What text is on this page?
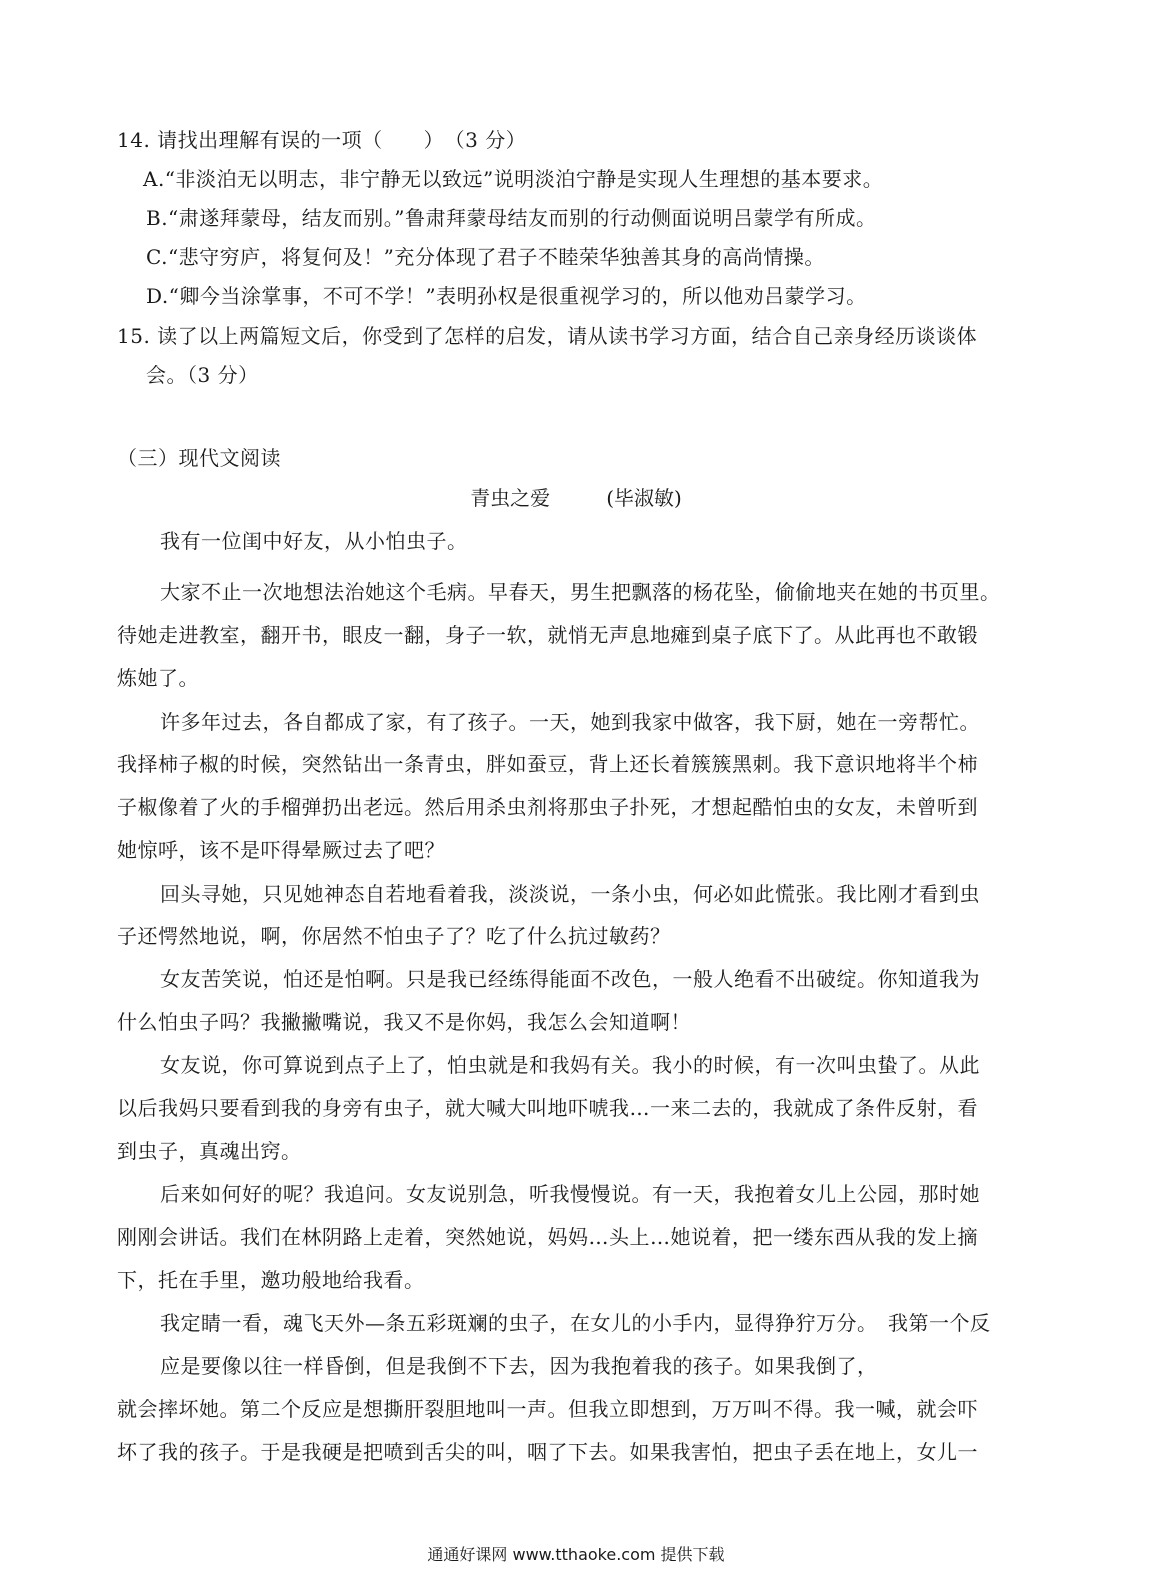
14. 请找出理解有误的一项（　　）　（3 分）

A.“非淡泊无以明志，非宁静无以致远”说明淡泊宁静是实现人生理想的基本要求。

B.“肃遂拜蒙母，结友而别。”鲁肃拜蒙母结友而别的行动侧面说明吕蒙学有所成。

C.“悲守穷庐，将复何及！”充分体现了君子不睦荣华独善其身的高尚情操。

D.“卿今当涂掌事，不可不学！”表明孙权是很重视学习的，所以他劝吕蒙学习。

15. 读了以上两篇短文后，你受到了怎样的启发，请从读书学习方面，结合自己亲身经历谈谈体

会。（3 分）

（三）现代文阅读

青虫之爱	(毕淑敏)

我有一位闺中好友，从小怕虫子。

大家不止一次地想法治她这个毛病。早春天，男生把飘落的杨花坠，偷偷地夹在她的书页里。

待她走进教室，翻开书，眼皮一翻，身子一软，就悄无声息地瘫到桌子底下了。从此再也不敢锻

炼她了。

许多年过去，各自都成了家，有了孩子。一天，她到我家中做客，我下厨，她在一旁帮忙。

我择柿子椒的时候，突然钻出一条青虫，胖如蚕豆，背上还长着簇簇黑刺。我下意识地将半个柿

子椒像着了火的手榴弹扔出老远。然后用杀虫剂将那虫子扑死，才想起酷怕虫的女友，未曾听到

她惊呼，该不是吓得晕厥过去了吧？

回头寻她，只见她神态自若地看着我，淡淡说，一条小虫，何必如此慌张。我比刚才看到虫

子还愕然地说，啊，你居然不怕虫子了？吃了什么抗过敏药？

女友苦笑说，怕还是怕啊。只是我已经练得能面不改色，一般人绝看不出破绽。你知道我为

什么怕虫子吗？我撇撇嘴说，我又不是你妈，我怎么会知道啊！

女友说，你可算说到点子上了，怕虫就是和我妈有关。我小的时候，有一次叫虫蛰了。从此

以后我妈只要看到我的身旁有虫子，就大喊大叫地吓唬我…一来二去的，我就成了条件反射，看

到虫子，真魂出窍。

后来如何好的呢？我追问。女友说别急，听我慢慢说。有一天，我抱着女儿上公园，那时她

刚刚会讲话。我们在林阴路上走着，突然她说，妈妈…头上…她说着，把一缕东西从我的发上摘

下，托在手里，邀功般地给我看。

我定睛一看，魂飞天外—条五彩斑斓的虫子，在女儿的小手内，显得狰狞万分。　我第一个反

应是要像以往一样昏倒，但是我倒不下去，因为我抱着我的孩子。如果我倒了，

就会摔坏她。第二个反应是想撕肝裂胆地叫一声。但我立即想到，万万叫不得。我一喊，就会吓

坏了我的孩子。于是我硬是把喷到舌尖的叫，咽了下去。如果我害怕，把虫子丢在地上，女儿一

通通好课网 www.tthaoke.com 提供下载
